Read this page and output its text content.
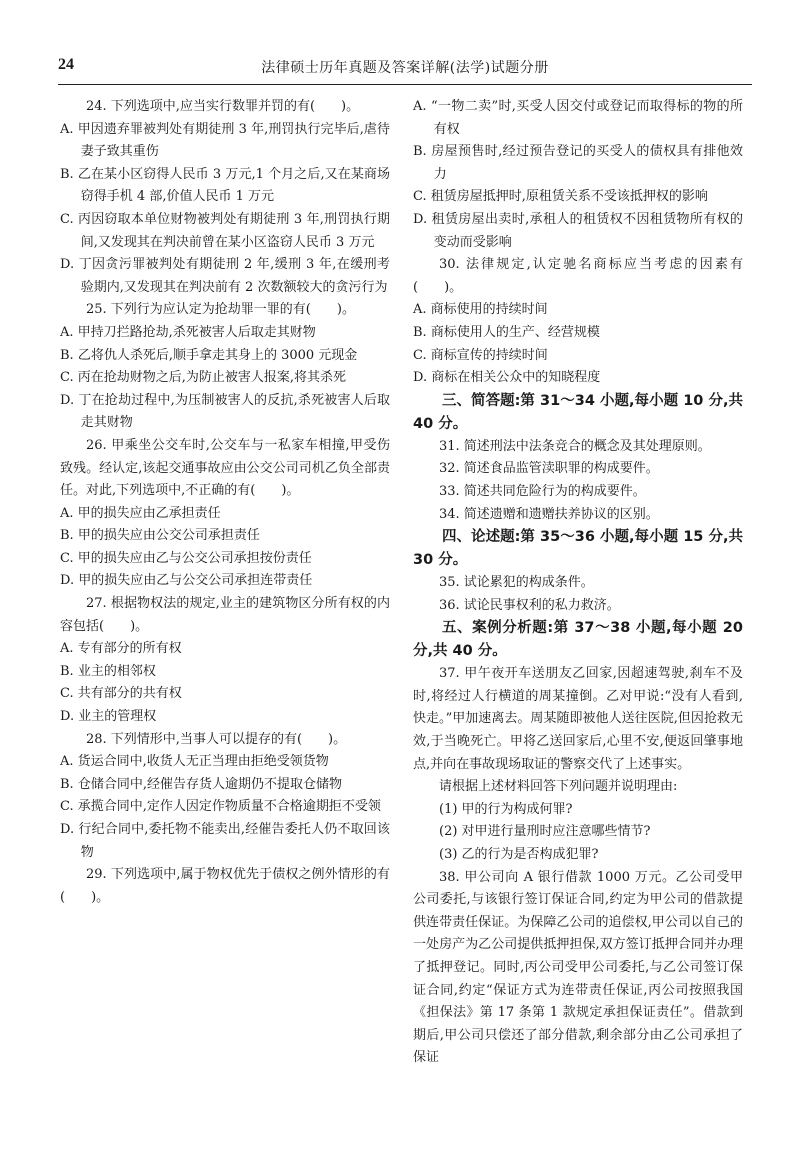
24	法律硕士历年真题及答案详解(法学)试题分册

24. 下列选项中,应当实行数罪并罚的有(　　)。

A. 甲因遗弃罪被判处有期徒刑 3 年,刑罚执行完毕后,虐待妻子致其重伤

B. 乙在某小区窃得人民币 3 万元,1 个月之后,又在某商场窃得手机 4 部,价值人民币 1 万元

C. 丙因窃取本单位财物被判处有期徒刑 3 年,刑罚执行期间,又发现其在判决前曾在某小区盗窃人民币 3 万元

D. 丁因贪污罪被判处有期徒刑 2 年,缓刑 3 年,在缓刑考验期内,又发现其在判决前有 2 次数额较大的贪污行为

25. 下列行为应认定为抢劫罪一罪的有(　　)。

A. 甲持刀拦路抢劫,杀死被害人后取走其财物

B. 乙将仇人杀死后,顺手拿走其身上的 3000 元现金

C. 丙在抢劫财物之后,为防止被害人报案,将其杀死

D. 丁在抢劫过程中,为压制被害人的反抗,杀死被害人后取走其财物

26. 甲乘坐公交车时,公交车与一私家车相撞,甲受伤致残。经认定,该起交通事故应由公交公司司机乙负全部责任。对此,下列选项中,不正确的有(　　)。

A. 甲的损失应由乙承担责任

B. 甲的损失应由公交公司承担责任

C. 甲的损失应由乙与公交公司承担按份责任

D. 甲的损失应由乙与公交公司承担连带责任

27. 根据物权法的规定,业主的建筑物区分所有权的内容包括(　　)。

A. 专有部分的所有权

B. 业主的相邻权

C. 共有部分的共有权

D. 业主的管理权

28. 下列情形中,当事人可以提存的有(　　)。

A. 货运合同中,收货人无正当理由拒绝受领货物

B. 仓储合同中,经催告存货人逾期仍不提取仓储物

C. 承揽合同中,定作人因定作物质量不合格逾期拒不受领

D. 行纪合同中,委托物不能卖出,经催告委托人仍不取回该物

29. 下列选项中,属于物权优先于债权之例外情形的有(　　)。

A. “一物二卖”时,买受人因交付或登记而取得标的物的所有权

B. 房屋预售时,经过预告登记的买受人的债权具有排他效力

C. 租赁房屋抵押时,原租赁关系不受该抵押权的影响

D. 租赁房屋出卖时,承租人的租赁权不因租赁物所有权的变动而受影响

30. 法律规定,认定驰名商标应当考虑的因素有(　　)。

A. 商标使用的持续时间

B. 商标使用人的生产、经营规模

C. 商标宣传的持续时间

D. 商标在相关公众中的知晓程度

三、简答题:第 31～34 小题,每小题 10 分,共 40 分。

31. 简述刑法中法条竞合的概念及其处理原则。

32. 简述食品监管渎职罪的构成要件。

33. 简述共同危险行为的构成要件。

34. 简述遗赠和遗赠扶养协议的区别。

四、论述题:第 35～36 小题,每小题 15 分,共 30 分。

35. 试论累犯的构成条件。

36. 试论民事权利的私力救济。

五、案例分析题:第 37～38 小题,每小题 20 分,共 40 分。

37. 甲午夜开车送朋友乙回家,因超速驾驶,刹车不及时,将经过人行横道的周某撞倒。乙对甲说:“没有人看到,快走。”甲加速离去。周某随即被他人送往医院,但因抢救无效,于当晚死亡。甲将乙送回家后,心里不安,便返回肇事地点,并向在事故现场取证的警察交代了上述事实。

请根据上述材料回答下列问题并说明理由:

(1) 甲的行为构成何罪?

(2) 对甲进行量刑时应注意哪些情节?

(3) 乙的行为是否构成犯罪?

38. 甲公司向 A 银行借款 1000 万元。乙公司受甲公司委托,与该银行签订保证合同,约定为甲公司的借款提供连带责任保证。为保障乙公司的追偿权,甲公司以自己的一处房产为乙公司提供抵押担保,双方签订抵押合同并办理了抵押登记。同时,丙公司受甲公司委托,与乙公司签订保证合同,约定“保证方式为连带责任保证,丙公司按照我国《担保法》第 17 条第 1 款规定承担保证责任”。借款到期后,甲公司只偿还了部分借款,剩余部分由乙公司承担了保证
